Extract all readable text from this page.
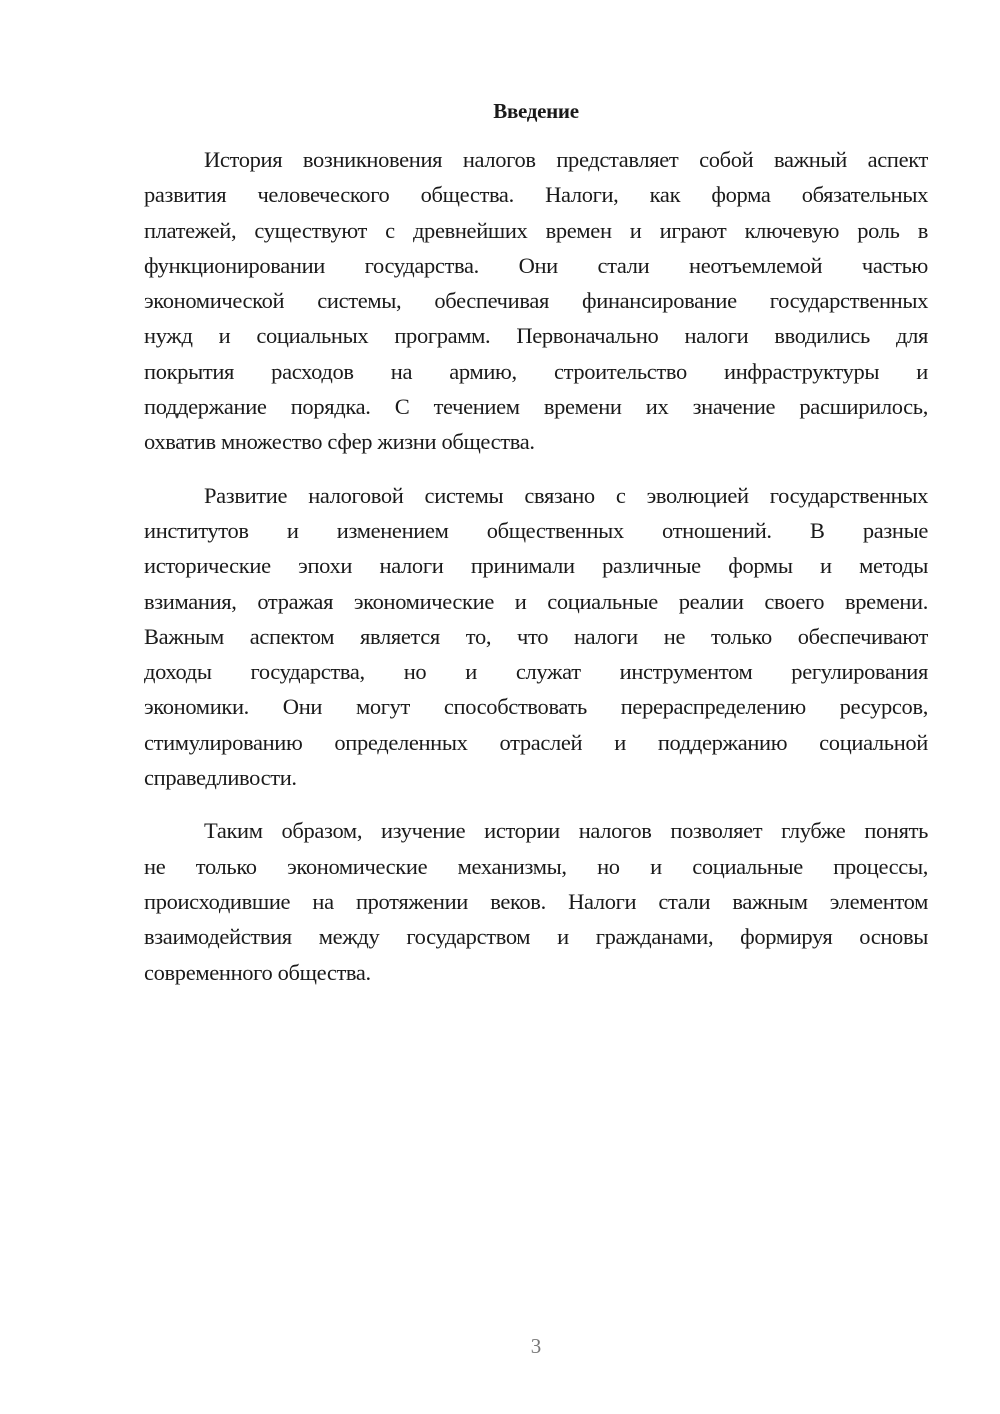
Введение

История возникновения налогов представляет собой важный аспект
развития человеческого общества. Налоги, как форма обязательных
платежей, существуют с древнейших времен и играют ключевую роль в
функционировании государства. Они стали неотъемлемой частью
экономической системы, обеспечивая финансирование государственных
нужд и социальных программ. Первоначально налоги вводились для
покрытия расходов на армию, строительство инфраструктуры и
поддержание порядка. С течением времени их значение расширилось,
охватив множество сфер жизни общества.

Развитие налоговой системы связано с эволюцией государственных
институтов и изменением общественных отношений. В разные
исторические эпохи налоги принимали различные формы и методы
взимания, отражая экономические и социальные реалии своего времени.
Важным аспектом является то, что налоги не только обеспечивают
доходы государства, но и служат инструментом регулирования
экономики. Они могут способствовать перераспределению ресурсов,
стимулированию определенных отраслей и поддержанию социальной
справедливости.

Таким образом, изучение истории налогов позволяет глубже понять
не только экономические механизмы, но и социальные процессы,
происходившие на протяжении веков. Налоги стали важным элементом
взаимодействия между государством и гражданами, формируя основы
современного общества.

3
